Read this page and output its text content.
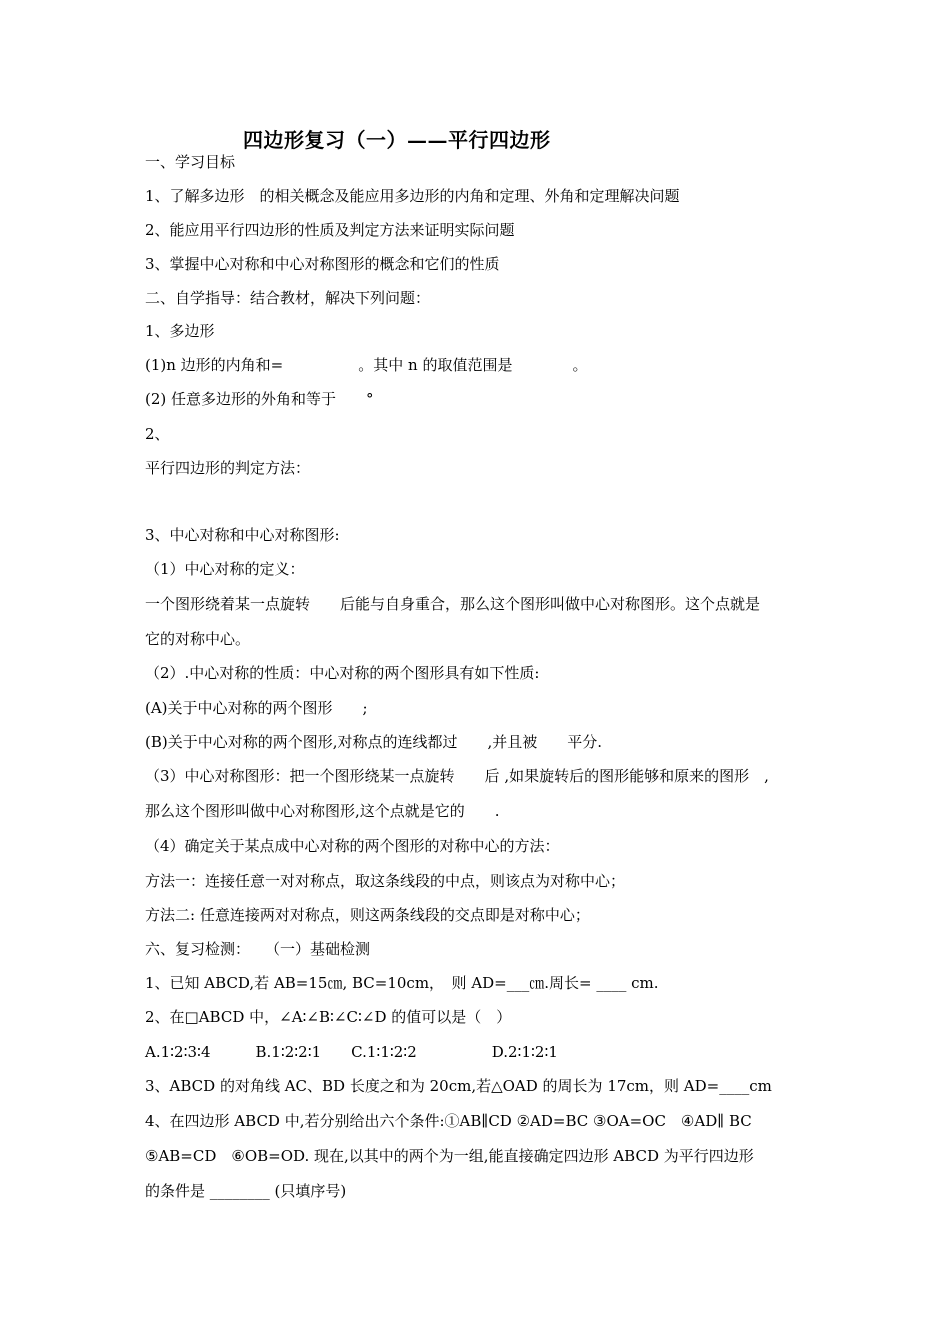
四边形复习（一）——平行四边形
一、学习目标
1、了解多边形　的相关概念及能应用多边形的内角和定理、外角和定理解决问题
2、能应用平行四边形的性质及判定方法来证明实际问题
3、掌握中心对称和中心对称图形的概念和它们的性质
二、自学指导：结合教材，解决下列问题：
1、多边形
(1)n 边形的内角和=　　　　　。其中 n 的取值范围是　　　　。
(2) 任意多边形的外角和等于　　°
2、
平行四边形的判定方法：
3、中心对称和中心对称图形:
（1）中心对称的定义：
一个图形绕着某一点旋转　　后能与自身重合，那么这个图形叫做中心对称图形。这个点就是
它的对称中心。
（2）.中心对称的性质：中心对称的两个图形具有如下性质:
(A)关于中心对称的两个图形　　;
(B)关于中心对称的两个图形,对称点的连线都过　　,并且被　　平分.
（3）中心对称图形：把一个图形绕某一点旋转　　后 ,如果旋转后的图形能够和原来的图形　,
那么这个图形叫做中心对称图形,这个点就是它的　　.
（4）确定关于某点成中心对称的两个图形的对称中心的方法：
方法一：连接任意一对对称点，取这条线段的中点，则该点为对称中心；
方法二: 任意连接两对对称点，则这两条线段的交点即是对称中心；
六、复习检测：　　（一）基础检测
1、已知 ABCD,若 AB=15㎝, BC=10cm，　则 AD=___㎝.周长= ____ cm.
2、在□ABCD 中，∠A∶∠B∶∠C∶∠D 的值可以是（　）
A.1∶2∶3∶4　　　B.1∶2∶2∶1　　C.1∶1∶2∶2　　　　　D.2∶1∶2∶1
3、ABCD 的对角线 AC、BD 长度之和为 20cm,若△OAD 的周长为 17cm，则 AD=____cm
4、在四边形 ABCD 中,若分别给出六个条件:①AB∥CD ②AD=BC ③OA=OC　④AD∥ BC
⑤AB=CD　⑥OB=OD. 现在,以其中的两个为一组,能直接确定四边形 ABCD 为平行四边形
的条件是 ________ (只填序号)
